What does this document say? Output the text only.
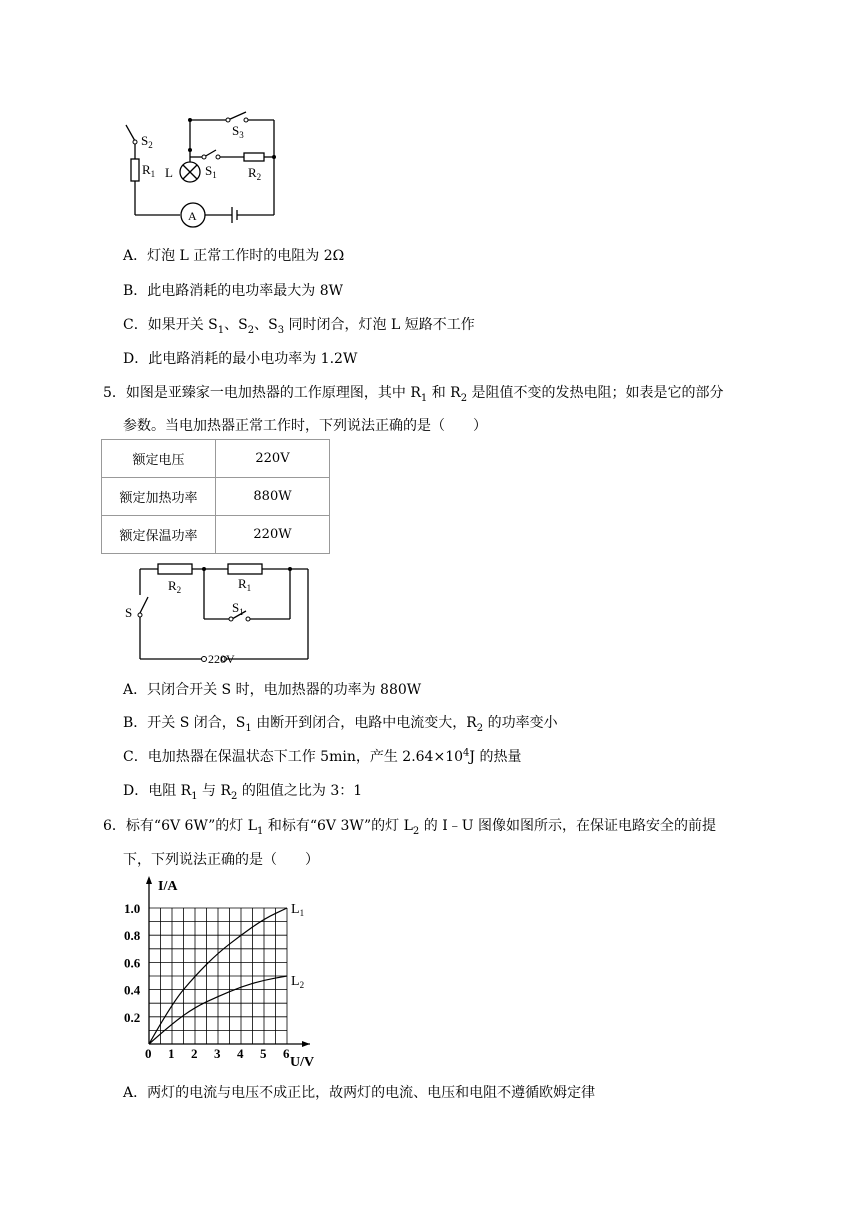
$S_2$
$S_3$
$S_1$
$R_1$	$R_2$
L
A
A．灯泡 L 正常工作时的电阻为 2Ω
B．此电路消耗的电功率最大为 8W
C．如果开关 $S_1$、$S_2$、$S_3$ 同时闭合，灯泡 L 短路不工作
D．此电路消耗的最小电功率为 1.2W
5．如图是亚臻家一电加热器的工作原理图，其中 $R_1$ 和 $R_2$ 是阻值不变的发热电阻；如表是它的部分
参数。当电加热器正常工作时，下列说法正确的是（　　）
额定电压	220V
额定加热功率	880W
额定保温功率	220W
$R_2$	$R_1$
S	$S_1$
220V
A．只闭合开关 S 时，电加热器的功率为 880W
B．开关 S 闭合，$S_1$ 由断开到闭合，电路中电流变大，$R_2$ 的功率变小
C．电加热器在保温状态下工作 5min，产生 $2.64\times 10^4J$ 的热量
D．电阻 $R_1$ 与 $R_2$ 的阻值之比为 3：1
6．标有“6V 6W”的灯 $L_1$ 和标有“6V 3W”的灯 $L_2$ 的 I﹣U 图像如图所示，在保证电路安全的前提
下，下列说法正确的是（　　）
0 1 2 3 4 5 6
0.2
0.4
0.6
0.8
1.0	$L_1$
$L_2$
I/A
U/V
A．两灯的电流与电压不成正比，故两灯的电流、电压和电阻不遵循欧姆定律
